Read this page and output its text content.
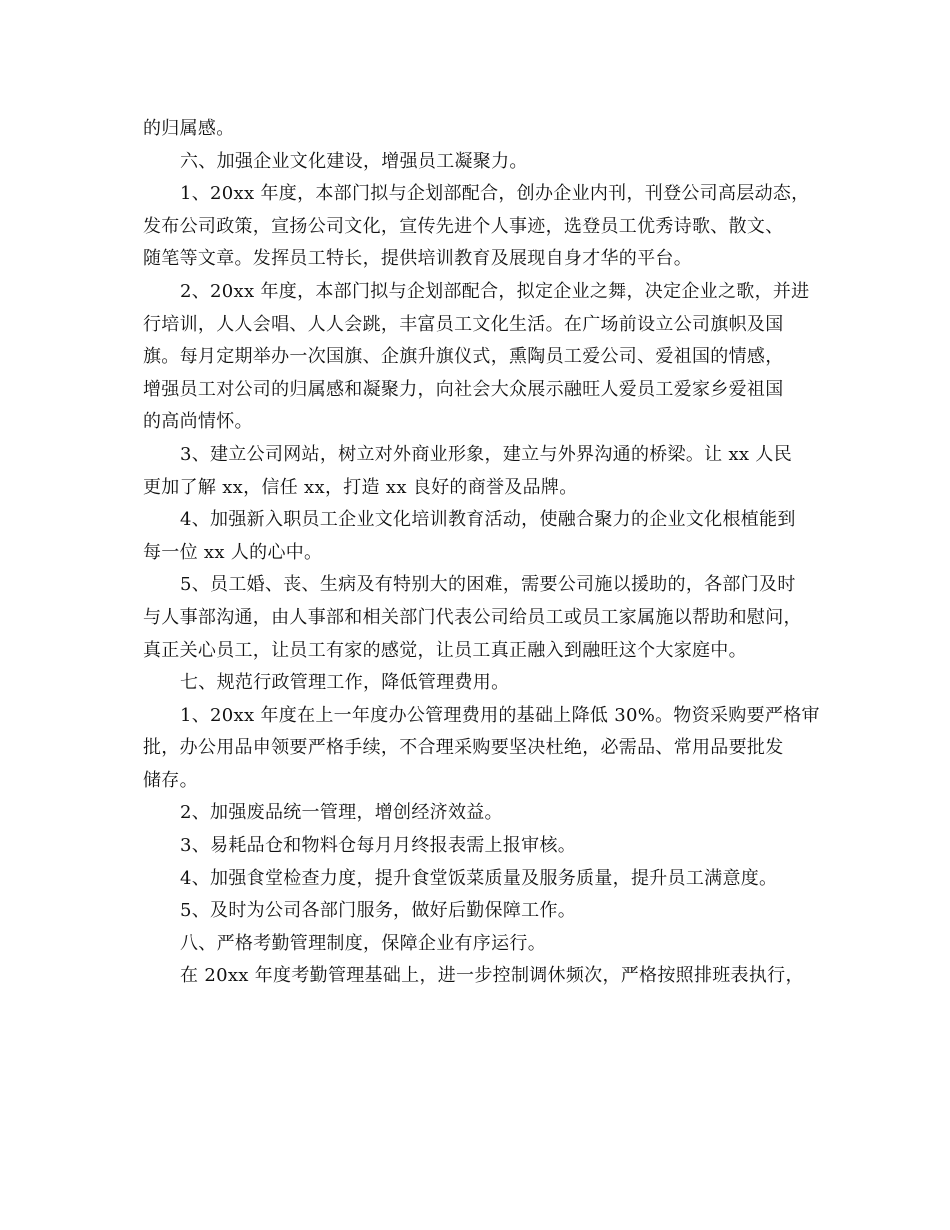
的归属感。
六、加强企业文化建设，增强员工凝聚力。
1、20xx 年度，本部门拟与企划部配合，创办企业内刊，刊登公司高层动态，
发布公司政策，宣扬公司文化，宣传先进个人事迹，选登员工优秀诗歌、散文、
随笔等文章。发挥员工特长，提供培训教育及展现自身才华的平台。
2、20xx 年度，本部门拟与企划部配合，拟定企业之舞，决定企业之歌，并进
行培训，人人会唱、人人会跳，丰富员工文化生活。在广场前设立公司旗帜及国
旗。每月定期举办一次国旗、企旗升旗仪式，熏陶员工爱公司、爱祖国的情感，
增强员工对公司的归属感和凝聚力，向社会大众展示融旺人爱员工爱家乡爱祖国
的高尚情怀。
3、建立公司网站，树立对外商业形象，建立与外界沟通的桥梁。让 xx 人民
更加了解 xx，信任 xx，打造 xx 良好的商誉及品牌。
4、加强新入职员工企业文化培训教育活动，使融合聚力的企业文化根植能到
每一位 xx 人的心中。
5、员工婚、丧、生病及有特别大的困难，需要公司施以援助的，各部门及时
与人事部沟通，由人事部和相关部门代表公司给员工或员工家属施以帮助和慰问，
真正关心员工，让员工有家的感觉，让员工真正融入到融旺这个大家庭中。
七、规范行政管理工作，降低管理费用。
1、20xx 年度在上一年度办公管理费用的基础上降低 30%。物资采购要严格审
批，办公用品申领要严格手续，不合理采购要坚决杜绝，必需品、常用品要批发
储存。
2、加强废品统一管理，增创经济效益。
3、易耗品仓和物料仓每月月终报表需上报审核。
4、加强食堂检查力度，提升食堂饭菜质量及服务质量，提升员工满意度。
5、及时为公司各部门服务，做好后勤保障工作。
八、严格考勤管理制度，保障企业有序运行。
在 20xx 年度考勤管理基础上，进一步控制调休频次，严格按照排班表执行，
